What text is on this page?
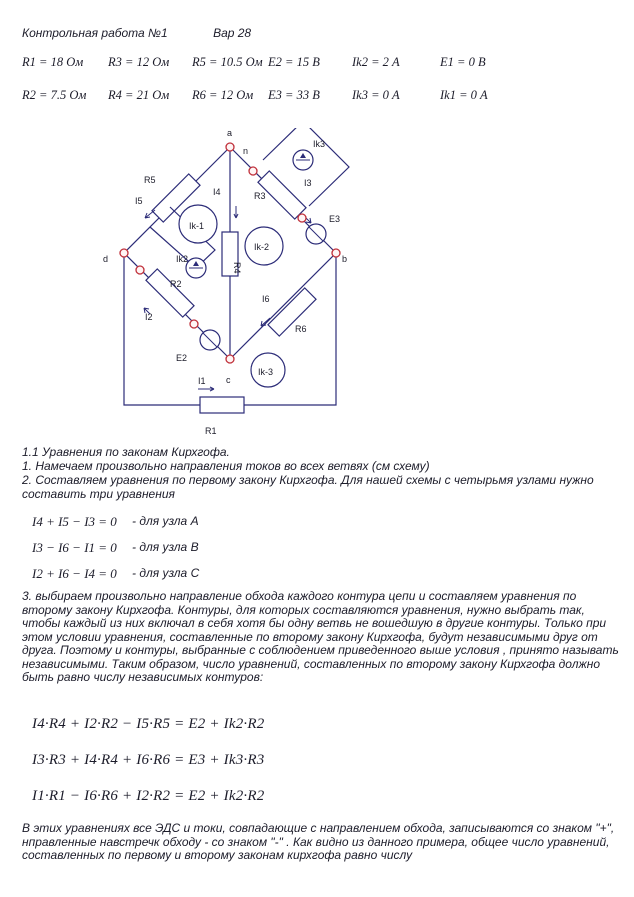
Контрольная работа №1	Вар 28
R1 = 18 Ом R3 = 12 Ом R5 = 10.5 Ом E2 = 15 В	Ik2 = 2 А	E1 = 0 В
R2 = 7.5 Ом R4 = 21 Ом R6 = 12 Ом E3 = 33 В	Ik3 = 0 А	Ik1 = 0 А
a
n
d	b
c
R5
R3
R2
R6
R4
R1
E2
E3
I5
I4
I3
I2
I6
I1
Ik3
Ik2
Ik-1
Ik-2
Ik-3
1.1 Уравнения по законам Кирхгофа.
1. Намечаем произвольно направления токов во всех ветвях (см схему)
2. Составляем уравнения по первому закону Кирхгофа. Для нашей схемы с четырьмя узлами нужно составить три уравнения
I4 + I5 − I3 = 0 - для узла А
I3 − I6 − I1 = 0 - для узла В
I2 + I6 − I4 = 0 - для узла С
3. выбираем произвольно направление обхода каждого контура цепи и составляем уравнения по второму закону Кирхгофа. Контуры, для которых составляются уравнения, нужно выбрать так, чтобы каждый из них включал в себя хотя бы одну ветвь не вошедшую в другие контуры. Только при этом условии уравнения, составленные по второму закону Кирхгофа, будут независимыми друг от друга. Поэтому и контуры, выбранные с соблюдением приведенного выше условия , принято называть независимыми. Таким образом, число уравнений, составленных по второму закону Кирхгофа должно быть равно числу независимых контуров:
I4·R4 + I2·R2 − I5·R5 = E2 + Ik2·R2
I3·R3 + I4·R4 + I6·R6 = E3 + Ik3·R3
I1·R1 − I6·R6 + I2·R2 = E2 + Ik2·R2
В этих уравнениях все ЭДС и токи, совпадающие с направлением обхода, записываются со знаком "+", нправленные навстречк обходу - со знаком "-" . Как видно из данного примера, общее число уравнений, составленных по первому и второму законам кирхгофа равно числу
